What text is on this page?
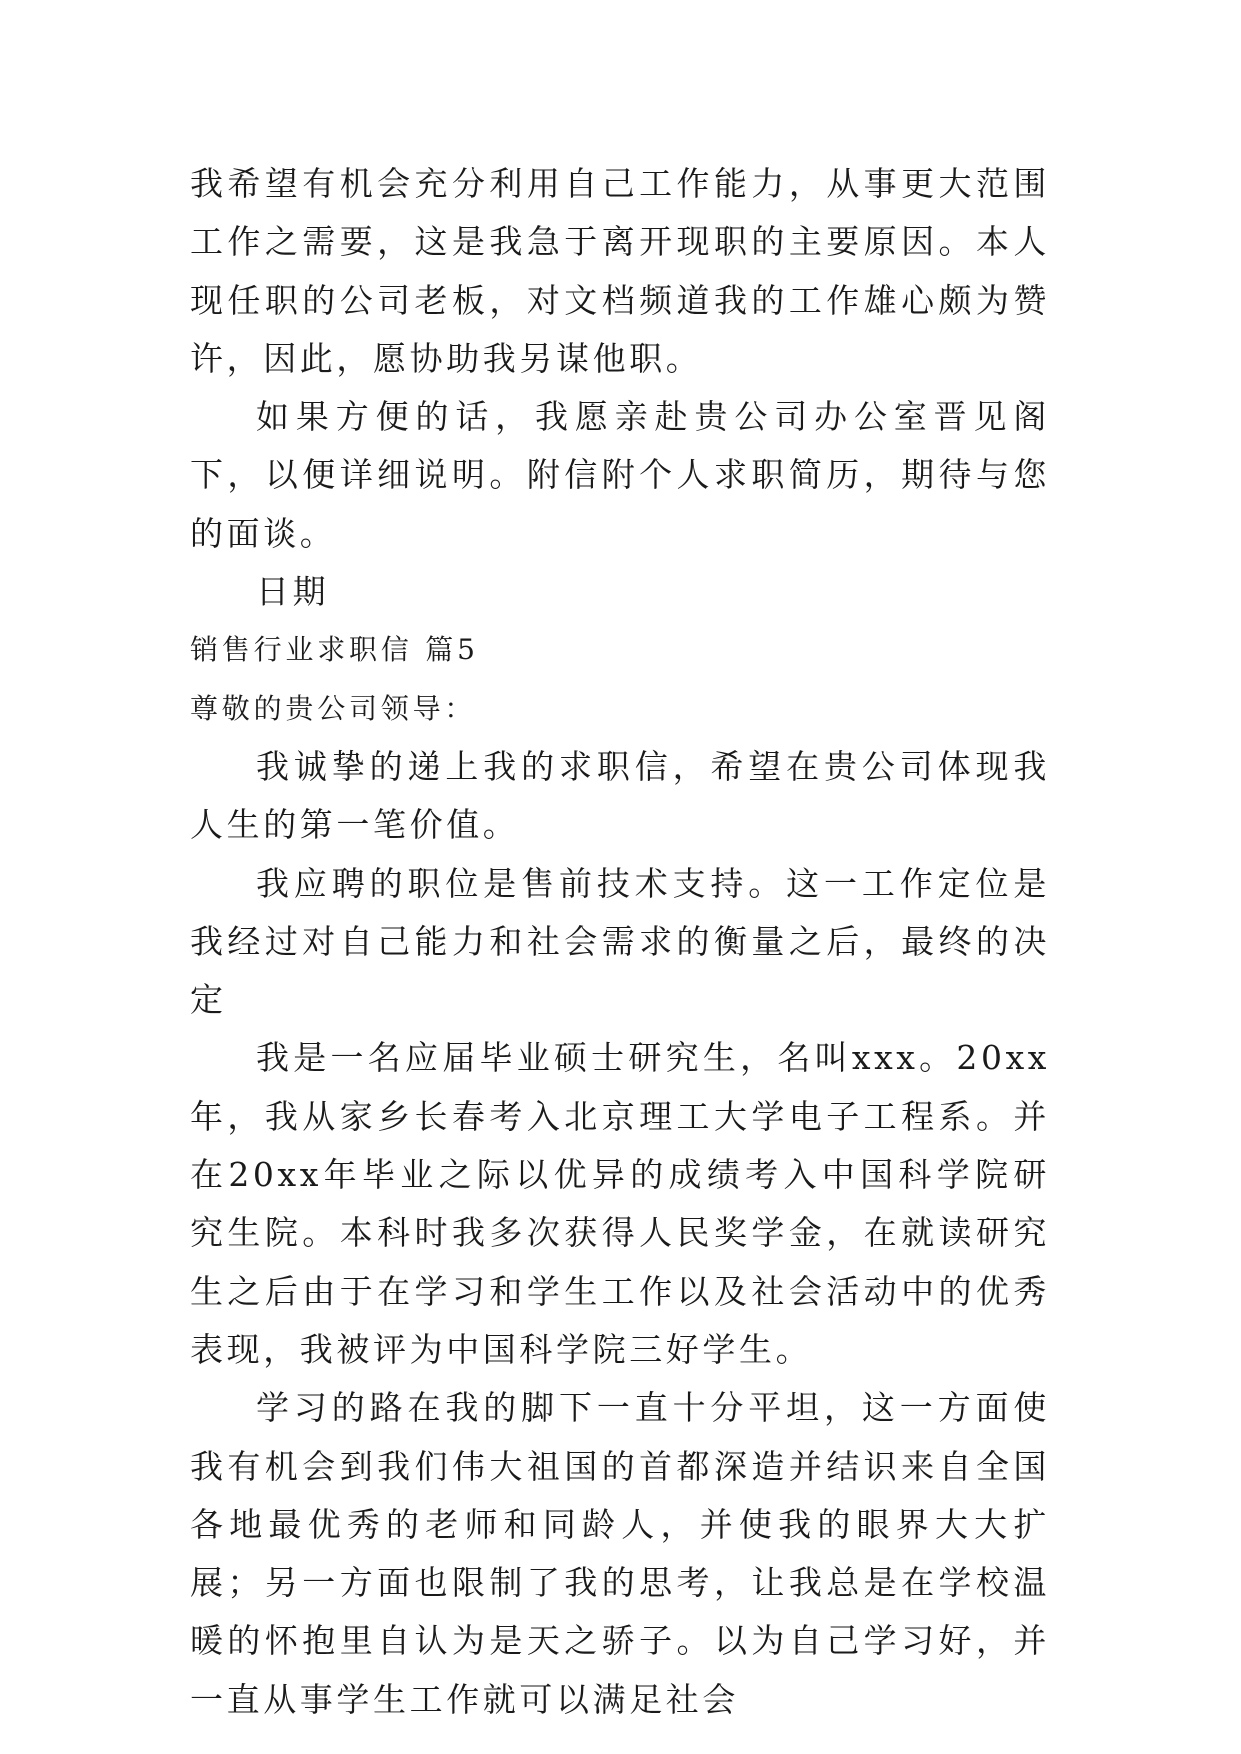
我希望有机会充分利用自己工作能力，从事更大范围工作之需要，这是我急于离开现职的主要原因。本人现任职的公司老板，对文档频道我的工作雄心颇为赞许，因此，愿协助我另谋他职。

如果方便的话，我愿亲赴贵公司办公室晋见阁下，以便详细说明。附信附个人求职简历，期待与您的面谈。

日期

销售行业求职信 篇5

尊敬的贵公司领导：

我诚挚的递上我的求职信，希望在贵公司体现我人生的第一笔价值。

我应聘的职位是售前技术支持。这一工作定位是我经过对自己能力和社会需求的衡量之后，最终的决定

我是一名应届毕业硕士研究生，名叫xxx。20xx年，我从家乡长春考入北京理工大学电子工程系。并在20xx年毕业之际以优异的成绩考入中国科学院研究生院。本科时我多次获得人民奖学金，在就读研究生之后由于在学习和学生工作以及社会活动中的优秀表现，我被评为中国科学院三好学生。

学习的路在我的脚下一直十分平坦，这一方面使我有机会到我们伟大祖国的首都深造并结识来自全国各地最优秀的老师和同龄人，并使我的眼界大大扩展；另一方面也限制了我的思考，让我总是在学校温暖的怀抱里自认为是天之骄子。以为自己学习好，并一直从事学生工作就可以满足社会
